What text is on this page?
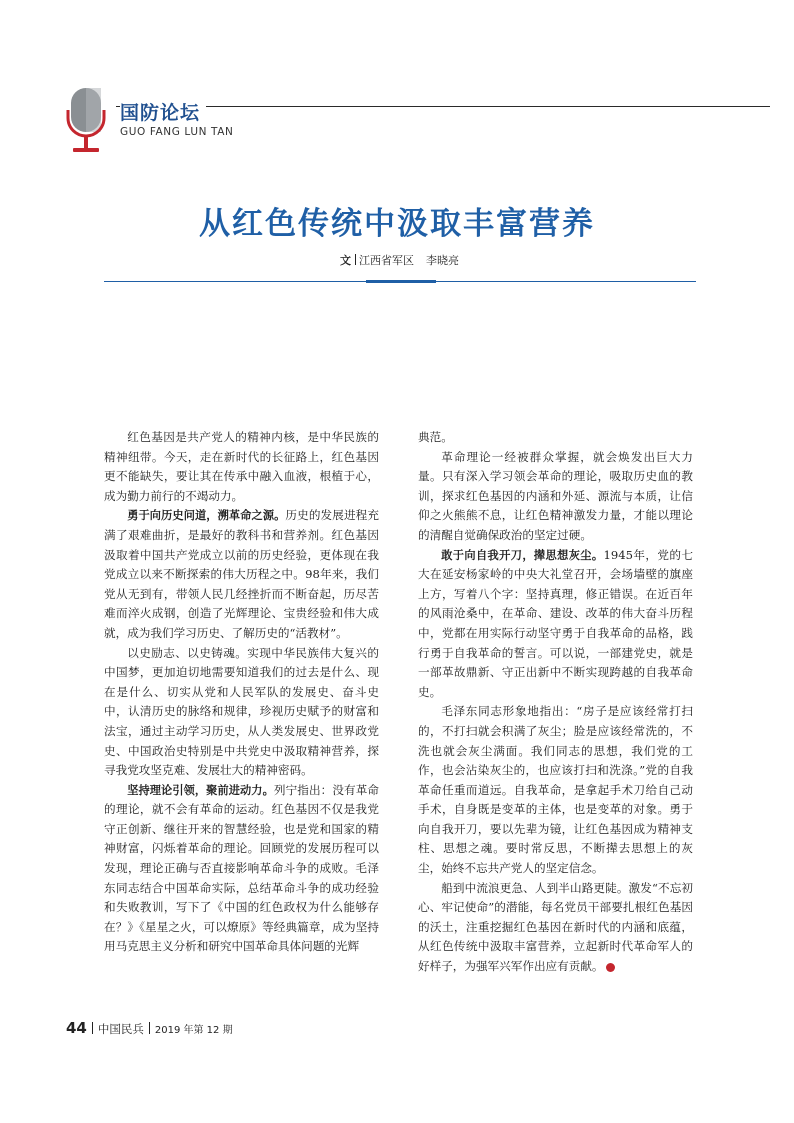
国防论坛
GUO FANG LUN TAN
从红色传统中汲取丰富营养
文 江西省军区 李晓亮

红色基因是共产党人的精神内核，是中华民族的精神纽带。今天，走在新时代的长征路上，红色基因更不能缺失，要让其在传承中融入血液，根植于心，成为勤力前行的不竭动力。

勇于向历史问道，溯革命之源。历史的发展进程充满了艰难曲折，是最好的教科书和营养剂。红色基因汲取着中国共产党成立以前的历史经验，更体现在我党成立以来不断探索的伟大历程之中。98年来，我们党从无到有，带领人民几经挫折而不断奋起，历尽苦难而淬火成钢，创造了光辉理论、宝贵经验和伟大成就，成为我们学习历史、了解历史的“活教材”。

以史励志、以史铸魂。实现中华民族伟大复兴的中国梦，更加迫切地需要知道我们的过去是什么、现在是什么、切实从党和人民军队的发展史、奋斗史中，认清历史的脉络和规律，珍视历史赋予的财富和法宝，通过主动学习历史，从人类发展史、世界政党史、中国政治史特别是中共党史中汲取精神营养，探寻我党攻坚克难、发展壮大的精神密码。

坚持理论引领，聚前进动力。列宁指出：没有革命的理论，就不会有革命的运动。红色基因不仅是我党守正创新、继往开来的智慧经验，也是党和国家的精神财富，闪烁着革命的理论。回顾党的发展历程可以发现，理论正确与否直接影响革命斗争的成败。毛泽东同志结合中国革命实际，总结革命斗争的成功经验和失败教训，写下了《中国的红色政权为什么能够存在？》《星星之火，可以燎原》等经典篇章，成为坚持用马克思主义分析和研究中国革命具体问题的光辉

典范。

革命理论一经被群众掌握，就会焕发出巨大力量。只有深入学习领会革命的理论，吸取历史血的教训，探求红色基因的内涵和外延、源流与本质，让信仰之火熊熊不息，让红色精神激发力量，才能以理论的清醒自觉确保政治的坚定过硬。

敢于向自我开刀，撵思想灰尘。1945年，党的七大在延安杨家岭的中央大礼堂召开，会场墙壁的旗座上方，写着八个字：坚持真理，修正错误。在近百年的风雨沧桑中，在革命、建设、改革的伟大奋斗历程中，党都在用实际行动坚守勇于自我革命的品格，践行勇于自我革命的誓言。可以说，一部建党史，就是一部革故鼎新、守正出新中不断实现跨越的自我革命史。

毛泽东同志形象地指出：“房子是应该经常打扫的，不打扫就会积满了灰尘；脸是应该经常洗的，不洗也就会灰尘满面。我们同志的思想，我们党的工作，也会沾染灰尘的，也应该打扫和洗涤。”党的自我革命任重而道远。自我革命，是拿起手术刀给自己动手术，自身既是变革的主体，也是变革的对象。勇于向自我开刀，要以先辈为镜，让红色基因成为精神支柱、思想之魂。要时常反思，不断撵去思想上的灰尘，始终不忘共产党人的坚定信念。

船到中流浪更急、人到半山路更陡。激发“不忘初心、牢记使命”的潜能，每名党员干部要扎根红色基因的沃土，注重挖掘红色基因在新时代的内涵和底蕴，从红色传统中汲取丰富营养，立起新时代革命军人的好样子，为强军兴军作出应有贡献。	ⓜ

44 中国民兵 2019 年第 12 期
